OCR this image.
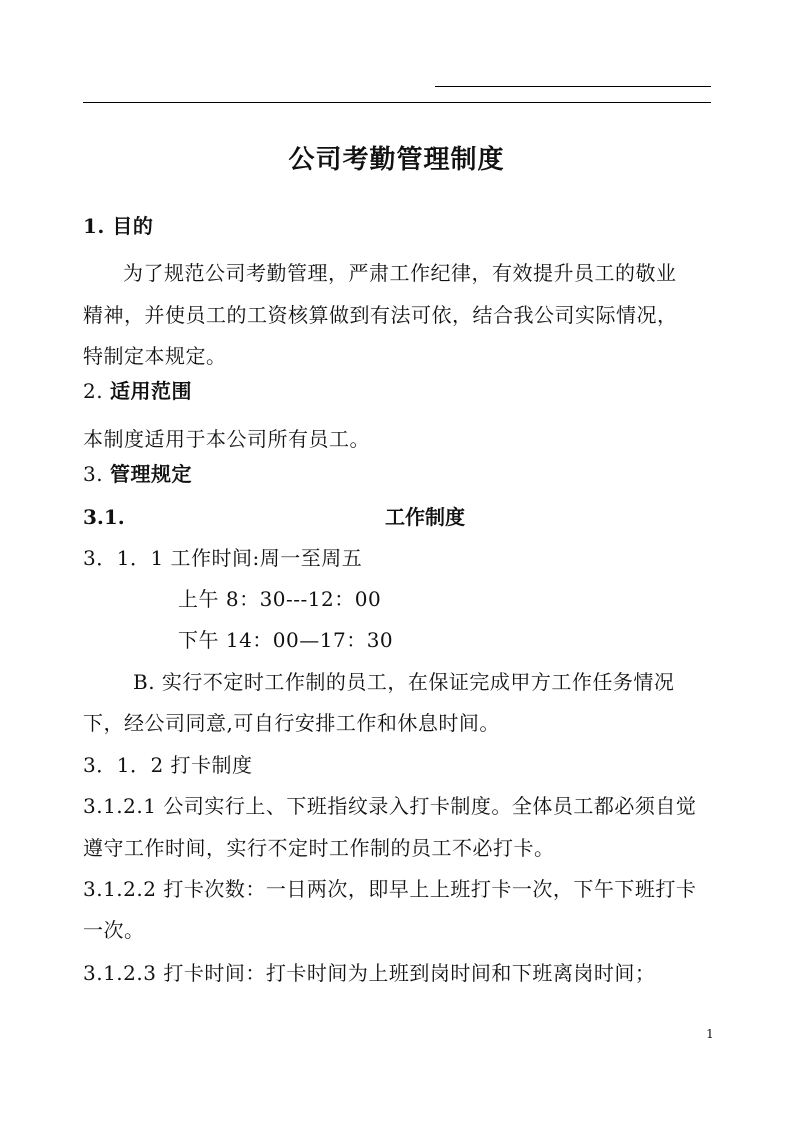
公司考勤管理制度
1. 目的
为了规范公司考勤管理，严肃工作纪律，有效提升员工的敬业
精神，并使员工的工资核算做到有法可依，结合我公司实际情况，
特制定本规定。
2. 适用范围
本制度适用于本公司所有员工。
3. 管理规定
3.1.	工作制度
3．1．1 工作时间:周一至周五
上午 8：30---12：00
下午 14：00—17：30
B. 实行不定时工作制的员工，在保证完成甲方工作任务情况
下，经公司同意,可自行安排工作和休息时间。
3．1．2 打卡制度
3.1.2.1 公司实行上、下班指纹录入打卡制度。全体员工都必须自觉
遵守工作时间，实行不定时工作制的员工不必打卡。
3.1.2.2 打卡次数：一日两次，即早上上班打卡一次，下午下班打卡
一次。
3.1.2.3 打卡时间：打卡时间为上班到岗时间和下班离岗时间；
1
